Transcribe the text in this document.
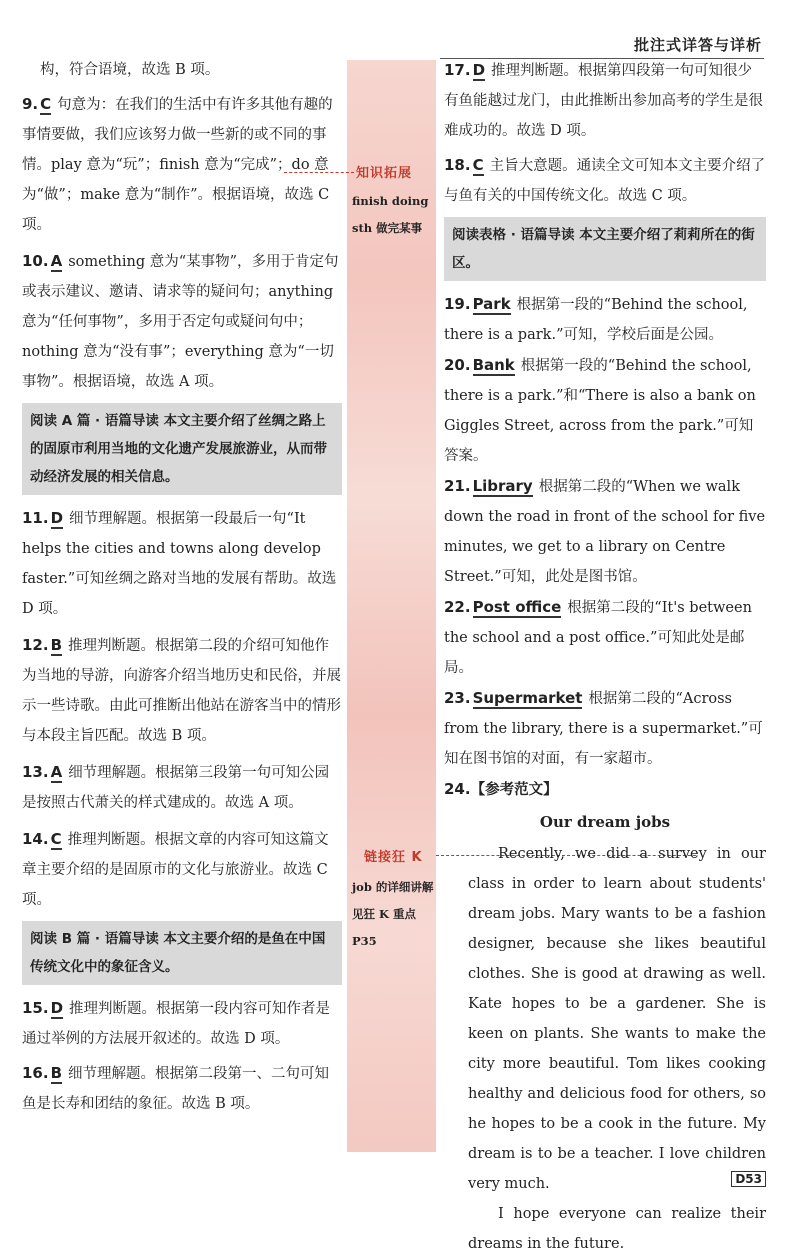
批注式详答与详析
知识拓展
finish doing sth 做完某事
链接狂 K
job 的详细讲解见狂 K 重点 P35
构，符合语境，故选 B 项。
9. C 句意为：在我们的生活中有许多其他有趣的事情要做，我们应该努力做一些新的或不同的事情。play 意为“玩”；finish 意为“完成”；do 意为“做”；make 意为“制作”。根据语境，故选 C 项。
10. A something 意为“某事物”，多用于肯定句或表示建议、邀请、请求等的疑问句；anything 意为“任何事物”，多用于否定句或疑问句中；nothing 意为“没有事”；everything 意为“一切事物”。根据语境，故选 A 项。
阅读 A 篇 · 语篇导读 本文主要介绍了丝绸之路上的固原市利用当地的文化遗产发展旅游业，从而带动经济发展的相关信息。
11. D 细节理解题。根据第一段最后一句“It helps the cities and towns along develop faster.”可知丝绸之路对当地的发展有帮助。故选 D 项。
12. B 推理判断题。根据第二段的介绍可知他作为当地的导游，向游客介绍当地历史和民俗，并展示一些诗歌。由此可推断出他站在游客当中的情形与本段主旨匹配。故选 B 项。
13. A 细节理解题。根据第三段第一句可知公园是按照古代萧关的样式建成的。故选 A 项。
14. C 推理判断题。根据文章的内容可知这篇文章主要介绍的是固原市的文化与旅游业。故选 C 项。
阅读 B 篇 · 语篇导读 本文主要介绍的是鱼在中国传统文化中的象征含义。
15. D 推理判断题。根据第一段内容可知作者是通过举例的方法展开叙述的。故选 D 项。
16. B 细节理解题。根据第二段第一、二句可知鱼是长寿和团结的象征。故选 B 项。
17. D 推理判断题。根据第四段第一句可知很少有鱼能越过龙门，由此推断出参加高考的学生是很难成功的。故选 D 项。
18. C 主旨大意题。通读全文可知本文主要介绍了与鱼有关的中国传统文化。故选 C 项。
阅读表格 · 语篇导读 本文主要介绍了莉莉所在的街区。
19. Park 根据第一段的“Behind the school, there is a park.”可知，学校后面是公园。
20. Bank 根据第一段的“Behind the school, there is a park.”和“There is also a bank on Giggles Street, across from the park.”可知答案。
21. Library 根据第二段的“When we walk down the road in front of the school for five minutes, we get to a library on Centre Street.”可知，此处是图书馆。
22. Post office 根据第二段的“It's between the school and a post office.”可知此处是邮局。
23. Supermarket 根据第二段的“Across from the library, there is a supermarket.”可知在图书馆的对面，有一家超市。
24.【参考范文】
Our dream jobs

Recently, we did a survey in our class in order to learn about students' dream jobs. Mary wants to be a fashion designer, because she likes beautiful clothes. She is good at drawing as well. Kate hopes to be a gardener. She is keen on plants. She wants to make the city more beautiful. Tom likes cooking healthy and delicious food for others, so he hopes to be a cook in the future. My dream is to be a teacher. I love children very much.

I hope everyone can realize their dreams in the future.

D53
